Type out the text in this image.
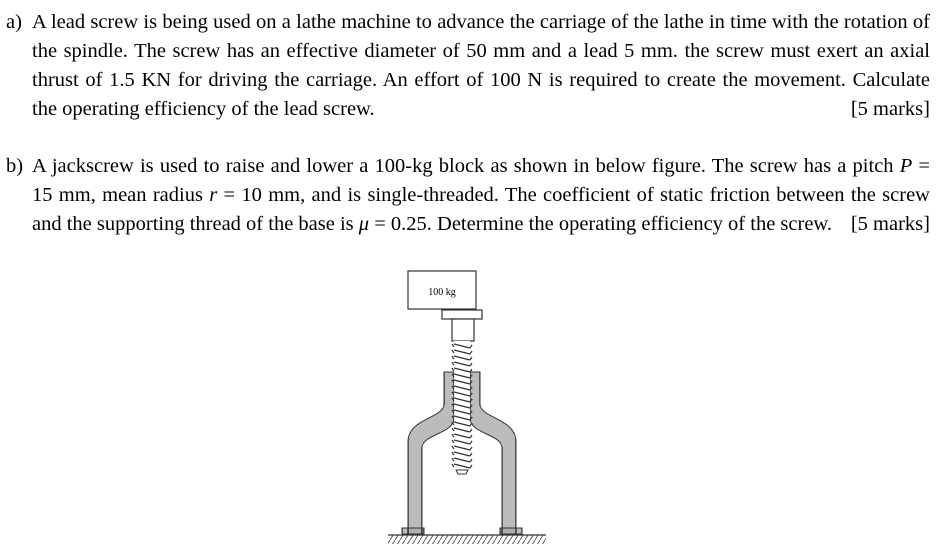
a) A lead screw is being used on a lathe machine to advance the carriage of the lathe in time with the rotation of the spindle. The screw has an effective diameter of 50 mm and a lead 5 mm. the screw must exert an axial thrust of 1.5 KN for driving the carriage. An effort of 100 N is required to create the movement. Calculate the operating efficiency of the lead screw.	[5 marks]
b) A jackscrew is used to raise and lower a 100-kg block as shown in below figure. The screw has a pitch P = 15 mm, mean radius r = 10 mm, and is single-threaded. The coefficient of static friction between the screw and the supporting thread of the base is μ = 0.25. Determine the operating efficiency of the screw. [5 marks]
100 kg
